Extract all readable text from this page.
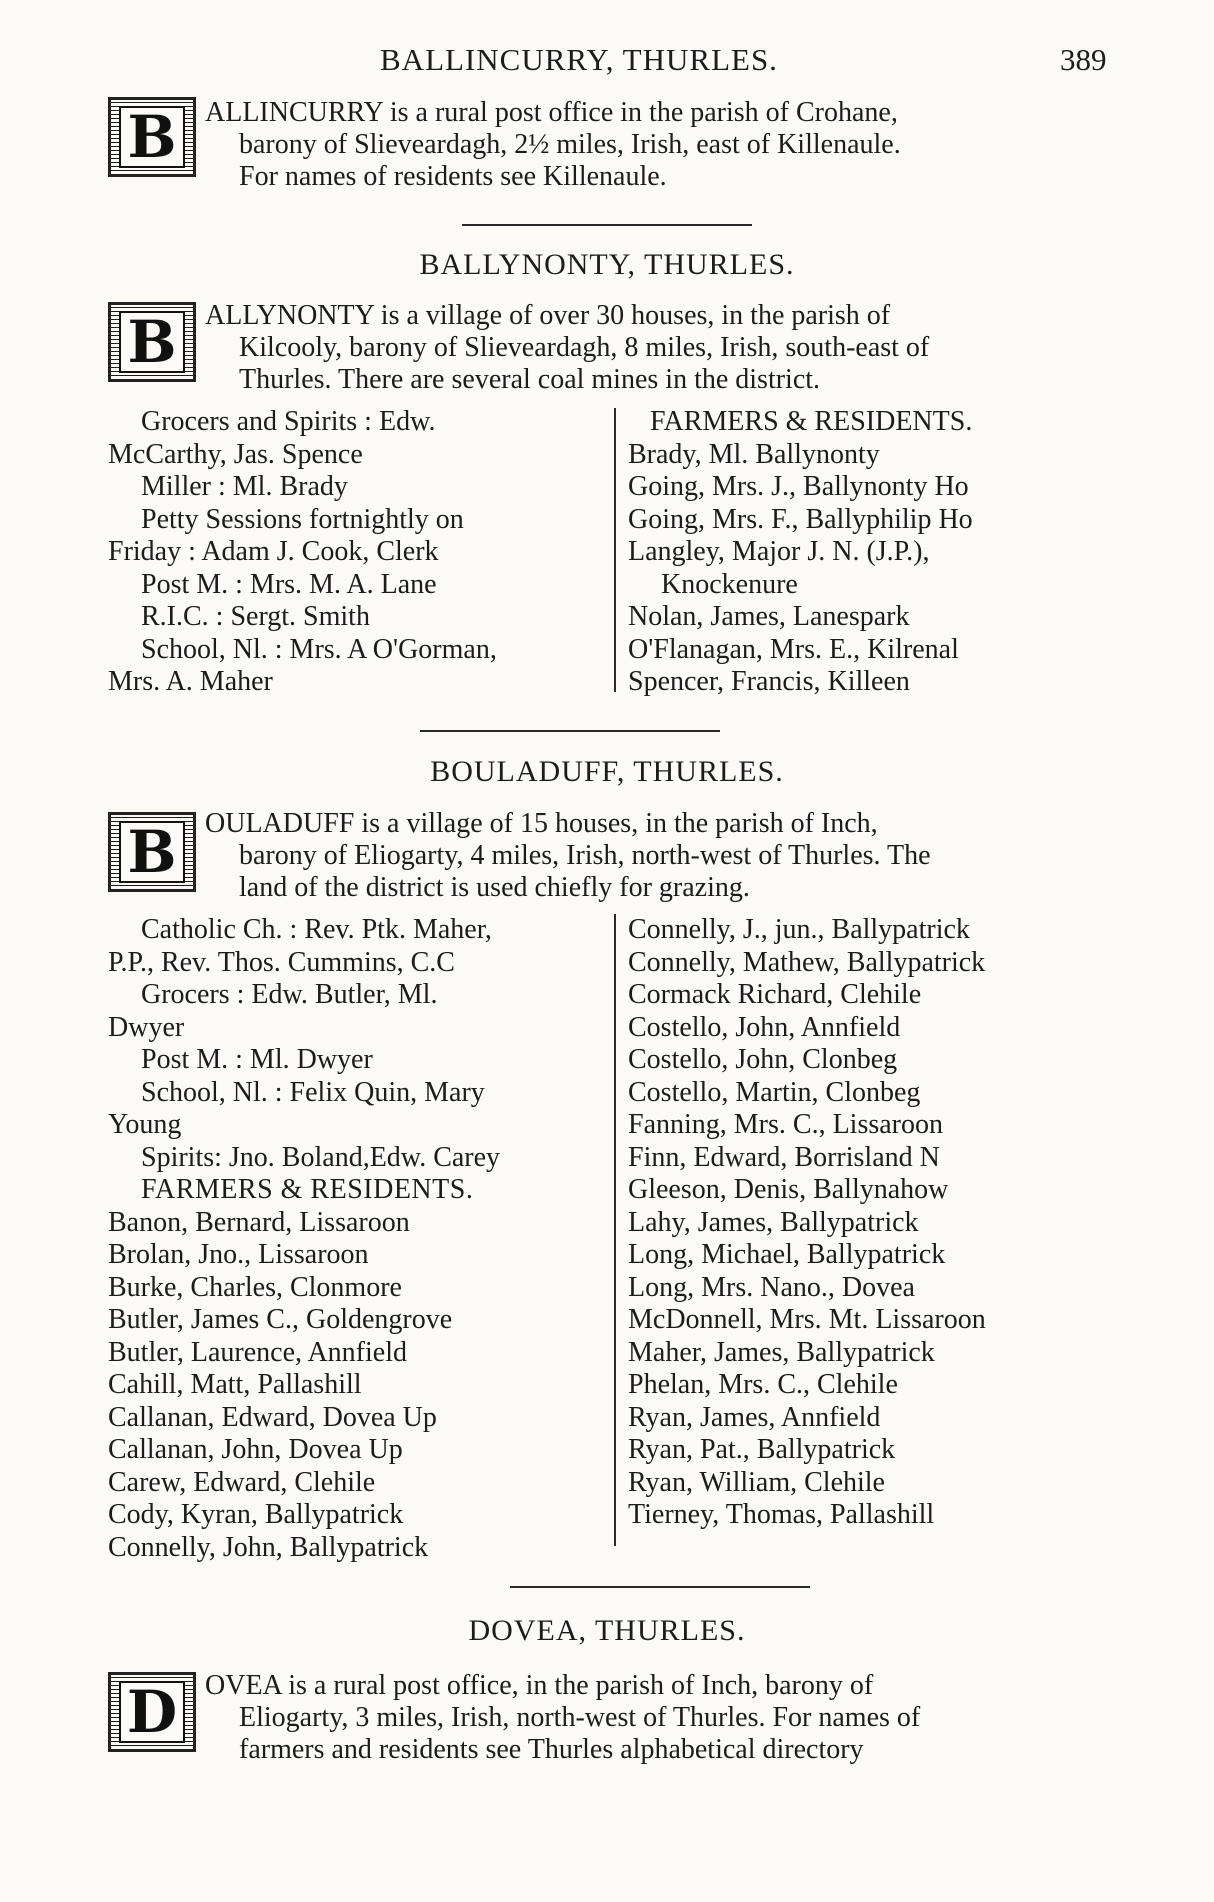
BALLINCURRY, THURLES.	389
B ALLINCURRY is a rural post office in the parish of Crohane,
barony of Slieveardagh, 2½ miles, Irish, east of Killenaule.
For names of residents see Killenaule.
BALLYNONTY, THURLES.
B ALLYNONTY is a village of over 30 houses, in the parish of
Kilcooly, barony of Slieveardagh, 8 miles, Irish, south-east of
Thurles. There are several coal mines in the district.
Grocers and Spirits : Edw.
McCarthy, Jas. Spence
Miller : Ml. Brady
Petty Sessions fortnightly on
Friday : Adam J. Cook, Clerk
Post M. : Mrs. M. A. Lane
R.I.C. : Sergt. Smith
School, Nl. : Mrs. A O'Gorman,
Mrs. A. Maher
FARMERS & RESIDENTS.
Brady, Ml. Ballynonty
Going, Mrs. J., Ballynonty Ho
Going, Mrs. F., Ballyphilip Ho
Langley, Major J. N. (J.P.),
Knockenure
Nolan, James, Lanespark
O'Flanagan, Mrs. E., Kilrenal
Spencer, Francis, Killeen
BOULADUFF, THURLES.
B OULADUFF is a village of 15 houses, in the parish of Inch,
barony of Eliogarty, 4 miles, Irish, north-west of Thurles. The
land of the district is used chiefly for grazing.
Catholic Ch. : Rev. Ptk. Maher,
P.P., Rev. Thos. Cummins, C.C
Grocers : Edw. Butler, Ml.
Dwyer
Post M. : Ml. Dwyer
School, Nl. : Felix Quin, Mary
Young
Spirits: Jno. Boland,Edw. Carey
FARMERS & RESIDENTS.
Banon, Bernard, Lissaroon
Brolan, Jno., Lissaroon
Burke, Charles, Clonmore
Butler, James C., Goldengrove
Butler, Laurence, Annfield
Cahill, Matt, Pallashill
Callanan, Edward, Dovea Up
Callanan, John, Dovea Up
Carew, Edward, Clehile
Cody, Kyran, Ballypatrick
Connelly, John, Ballypatrick
Connelly, J., jun., Ballypatrick
Connelly, Mathew, Ballypatrick
Cormack Richard, Clehile
Costello, John, Annfield
Costello, John, Clonbeg
Costello, Martin, Clonbeg
Fanning, Mrs. C., Lissaroon
Finn, Edward, Borrisland N
Gleeson, Denis, Ballynahow
Lahy, James, Ballypatrick
Long, Michael, Ballypatrick
Long, Mrs. Nano., Dovea
McDonnell, Mrs. Mt. Lissaroon
Maher, James, Ballypatrick
Phelan, Mrs. C., Clehile
Ryan, James, Annfield
Ryan, Pat., Ballypatrick
Ryan, William, Clehile
Tierney, Thomas, Pallashill
DOVEA, THURLES.
D OVEA is a rural post office, in the parish of Inch, barony of
Eliogarty, 3 miles, Irish, north-west of Thurles. For names of
farmers and residents see Thurles alphabetical directory
